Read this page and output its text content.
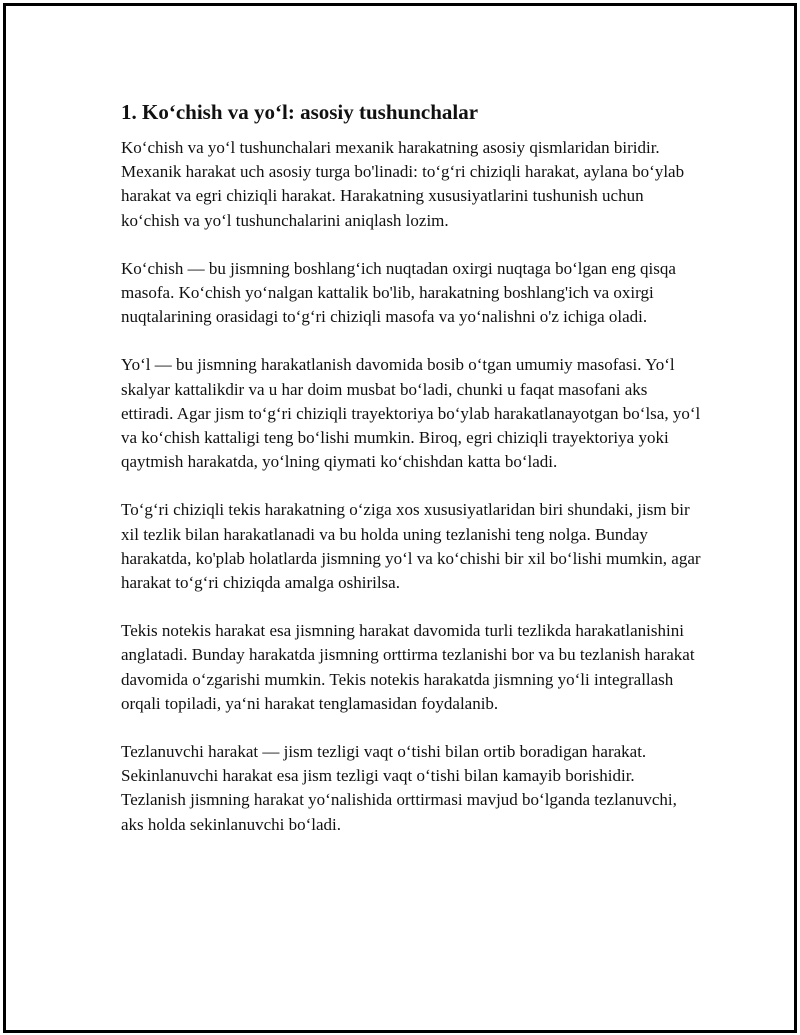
1. Ko‘chish va yo‘l: asosiy tushunchalar

Ko‘chish va yo‘l tushunchalari mexanik harakatning asosiy qismlaridan biridir. Mexanik harakat uch asosiy turga bo'linadi: to‘g‘ri chiziqli harakat, aylana bo‘ylab harakat va egri chiziqli harakat. Harakatning xususiyatlarini tushunish uchun ko‘chish va yo‘l tushunchalarini aniqlash lozim.

Ko‘chish — bu jismning boshlang‘ich nuqtadan oxirgi nuqtaga bo‘lgan eng qisqa masofa. Ko‘chish yo‘nalgan kattalik bo'lib, harakatning boshlang'ich va oxirgi nuqtalarining orasidagi to‘g‘ri chiziqli masofa va yo‘nalishni o'z ichiga oladi.

Yo‘l — bu jismning harakatlanish davomida bosib o‘tgan umumiy masofasi. Yo‘l skalyar kattalikdir va u har doim musbat bo‘ladi, chunki u faqat masofani aks ettiradi. Agar jism to‘g‘ri chiziqli trayektoriya bo‘ylab harakatlanayotgan bo‘lsa, yo‘l va ko‘chish kattaligi teng bo‘lishi mumkin. Biroq, egri chiziqli trayektoriya yoki qaytmish harakatda, yo‘lning qiymati ko‘chishdan katta bo‘ladi.

To‘g‘ri chiziqli tekis harakatning o‘ziga xos xususiyatlaridan biri shundaki, jism bir xil tezlik bilan harakatlanadi va bu holda uning tezlanishi teng nolga. Bunday harakatda, ko'plab holatlarda jismning yo‘l va ko‘chishi bir xil bo‘lishi mumkin, agar harakat to‘g‘ri chiziqda amalga oshirilsa.

Tekis notekis harakat esa jismning harakat davomida turli tezlikda harakatlanishini anglatadi. Bunday harakatda jismning orttirma tezlanishi bor va bu tezlanish harakat davomida o‘zgarishi mumkin. Tekis notekis harakatda jismning yo‘li integrallash orqali topiladi, ya‘ni harakat tenglamasidan foydalanib.

Tezlanuvchi harakat — jism tezligi vaqt o‘tishi bilan ortib boradigan harakat. Sekinlanuvchi harakat esa jism tezligi vaqt o‘tishi bilan kamayib borishidir. Tezlanish jismning harakat yo‘nalishida orttirmasi mavjud bo‘lganda tezlanuvchi, aks holda sekinlanuvchi bo‘ladi.
